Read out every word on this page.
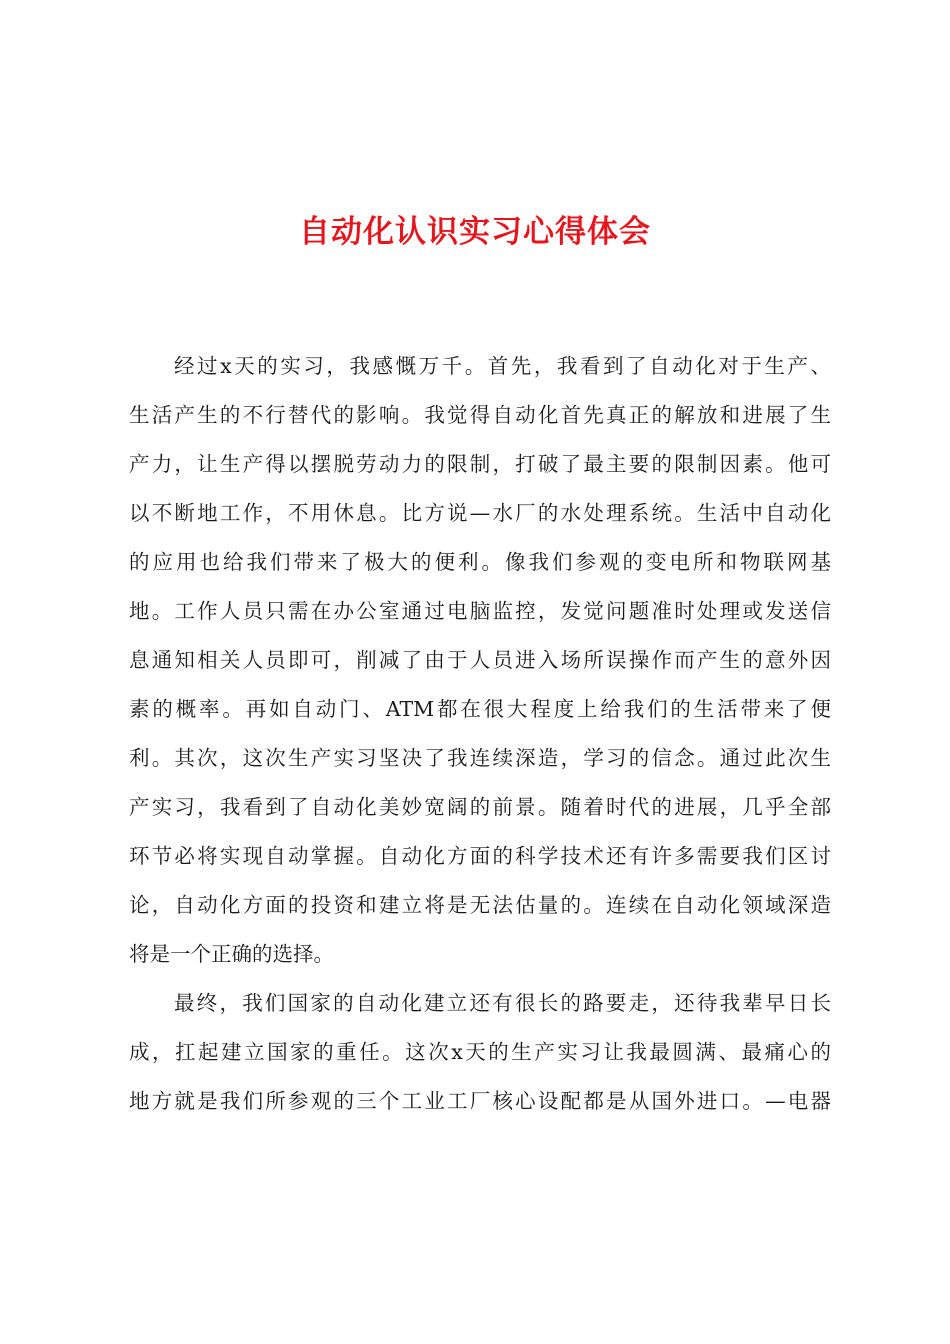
自动化认识实习心得体会

经过x天的实习，我感慨万千。首先，我看到了自动化对于生产、
生活产生的不行替代的影响。我觉得自动化首先真正的解放和进展了生
产力，让生产得以摆脱劳动力的限制，打破了最主要的限制因素。他可
以不断地工作，不用休息。比方说—水厂的水处理系统。生活中自动化
的应用也给我们带来了极大的便利。像我们参观的变电所和物联网基
地。工作人员只需在办公室通过电脑监控，发觉问题准时处理或发送信
息通知相关人员即可，削减了由于人员进入场所误操作而产生的意外因
素的概率。再如自动门、ATM都在很大程度上给我们的生活带来了便
利。其次，这次生产实习坚决了我连续深造，学习的信念。通过此次生
产实习，我看到了自动化美妙宽阔的前景。随着时代的进展，几乎全部
环节必将实现自动掌握。自动化方面的科学技术还有许多需要我们区讨
论，自动化方面的投资和建立将是无法估量的。连续在自动化领域深造
将是一个正确的选择。

最终，我们国家的自动化建立还有很长的路要走，还待我辈早日长
成，扛起建立国家的重任。这次x天的生产实习让我最圆满、最痛心的
地方就是我们所参观的三个工业工厂核心设配都是从国外进口。—电器
